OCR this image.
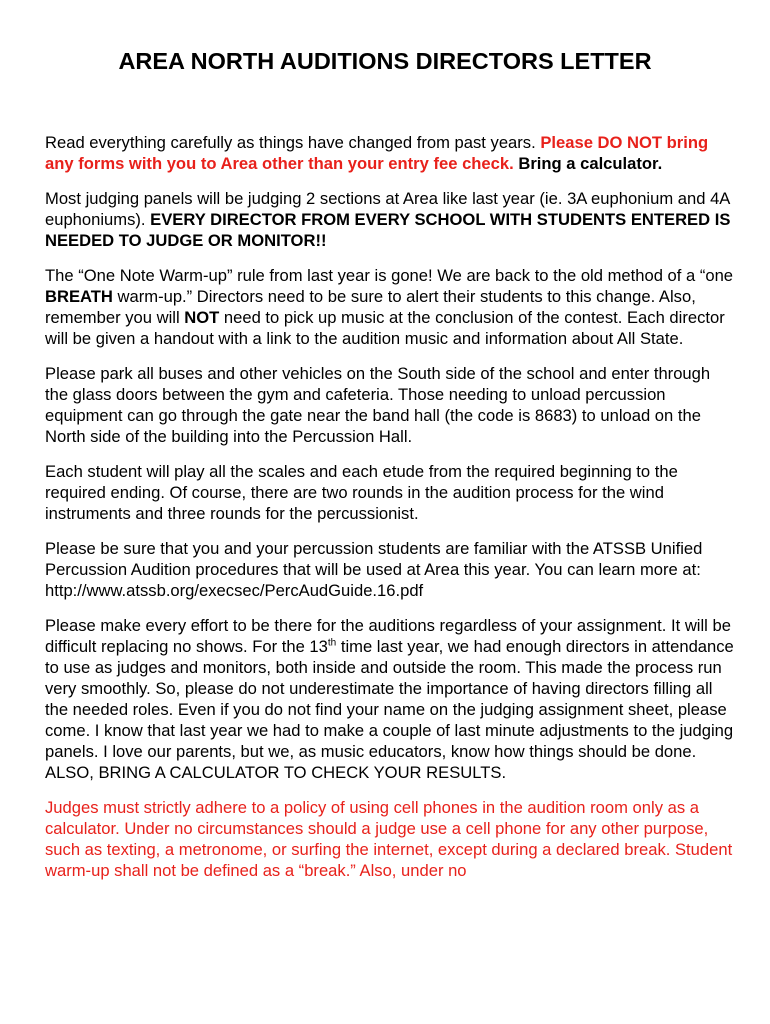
AREA NORTH AUDITIONS DIRECTORS LETTER

Read everything carefully as things have changed from past years. Please DO NOT bring any forms with you to Area other than your entry fee check. Bring a calculator.

Most judging panels will be judging 2 sections at Area like last year (ie. 3A euphonium and 4A euphoniums). EVERY DIRECTOR FROM EVERY SCHOOL WITH STUDENTS ENTERED IS NEEDED TO JUDGE OR MONITOR!!

The “One Note Warm-up” rule from last year is gone! We are back to the old method of a “one BREATH warm-up.” Directors need to be sure to alert their students to this change. Also, remember you will NOT need to pick up music at the conclusion of the contest. Each director will be given a handout with a link to the audition music and information about All State.

Please park all buses and other vehicles on the South side of the school and enter through the glass doors between the gym and cafeteria. Those needing to unload percussion equipment can go through the gate near the band hall (the code is 8683) to unload on the North side of the building into the Percussion Hall.

Each student will play all the scales and each etude from the required beginning to the required ending. Of course, there are two rounds in the audition process for the wind instruments and three rounds for the percussionist.

Please be sure that you and your percussion students are familiar with the ATSSB Unified Percussion Audition procedures that will be used at Area this year. You can learn more at: http://www.atssb.org/execsec/PercAudGuide.16.pdf

Please make every effort to be there for the auditions regardless of your assignment. It will be difficult replacing no shows. For the 13th time last year, we had enough directors in attendance to use as judges and monitors, both inside and outside the room. This made the process run very smoothly. So, please do not underestimate the importance of having directors filling all the needed roles. Even if you do not find your name on the judging assignment sheet, please come. I know that last year we had to make a couple of last minute adjustments to the judging panels. I love our parents, but we, as music educators, know how things should be done. ALSO, BRING A CALCULATOR TO CHECK YOUR RESULTS.

Judges must strictly adhere to a policy of using cell phones in the audition room only as a calculator. Under no circumstances should a judge use a cell phone for any other purpose, such as texting, a metronome, or surfing the internet, except during a declared break. Student warm-up shall not be defined as a “break.” Also, under no
